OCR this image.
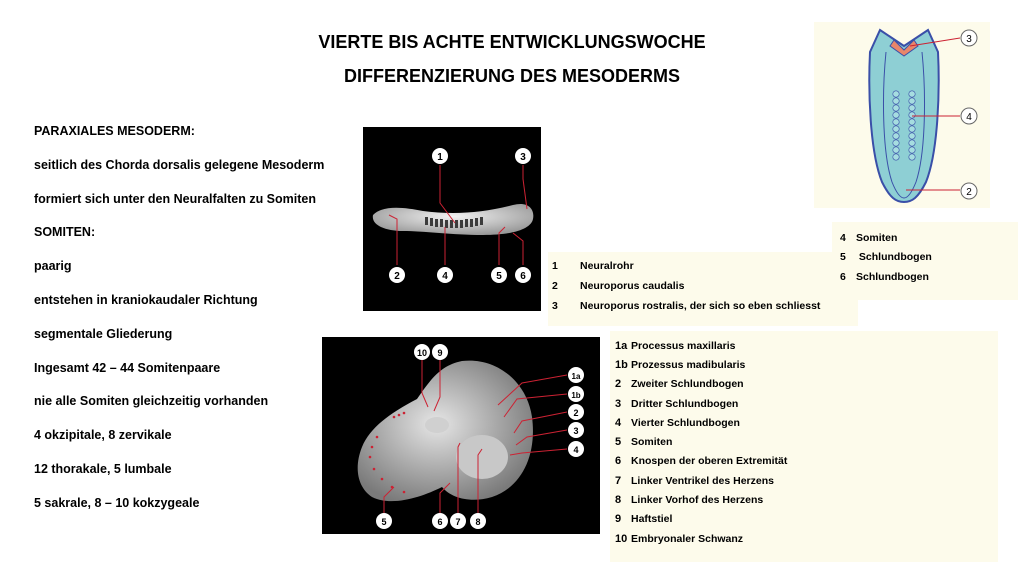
VIERTE BIS ACHTE ENTWICKLUNGSWOCHE
DIFFERENZIERUNG DES MESODERMS

PARAXIALES MESODERM:

seitlich des Chorda dorsalis gelegene Mesoderm

formiert sich unter den Neuralfalten zu Somiten

SOMITEN:

paarig

entstehen in kraniokaudaler Richtung

segmentale Gliederung

Ingesamt 42 – 44 Somitenpaare

nie alle Somiten gleichzeitig vorhanden

4 okzipitale, 8 zervikale

12 thorakale, 5 lumbale

5 sakrale, 8 – 10 kokzygeale

1	3
2	4	5 6
1	Neuralrohr
2	Neuroporus caudalis
3	Neuroporus rostralis, der sich so eben schliesst
3
4
2
4 Somiten
5 Schlundbogen
6 Schlundbogen
10 9
1a
1b
2
3
4
5	6 7 8
1a Processus maxillaris
1b Prozessus madibularis
2 Zweiter Schlundbogen
3 Dritter Schlundbogen
4 Vierter Schlundbogen
5 Somiten
6 Knospen der oberen Extremität
7 Linker Ventrikel des Herzens
8 Linker Vorhof des Herzens
9 Haftstiel
10 Embryonaler Schwanz
